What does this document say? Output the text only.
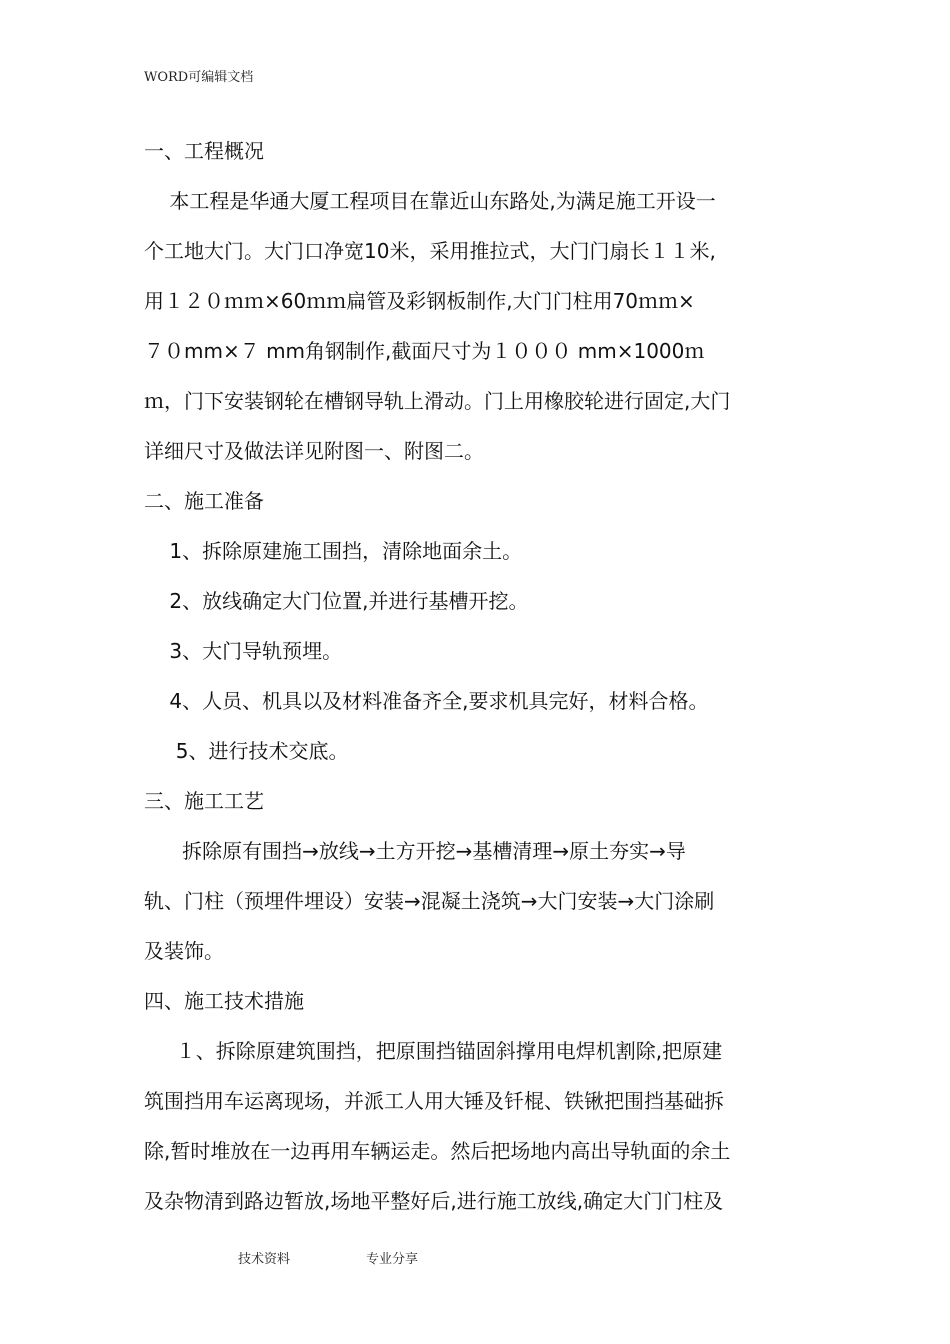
WORD可编辑文档
一、工程概况
本工程是华通大厦工程项目在靠近山东路处,为满足施工开设一
个工地大门。大门口净宽10米，采用推拉式，大门门扇长１１米,
用１２０ｍｍ×60ｍｍ扁管及彩钢板制作,大门门柱用70ｍｍ×
７０mm×７ mm角钢制作,截面尺寸为１０００ mm×1000ｍ
ｍ，门下安装钢轮在槽钢导轨上滑动。门上用橡胶轮进行固定,大门
详细尺寸及做法详见附图一、附图二。
二、施工准备
1、拆除原建施工围挡，清除地面余土。
2、放线确定大门位置,并进行基槽开挖。
3、大门导轨预埋。
4、人员、机具以及材料准备齐全,要求机具完好，材料合格。
5、进行技术交底。
三、施工工艺
拆除原有围挡→放线→土方开挖→基槽清理→原土夯实→导
轨、门柱（预埋件埋设）安装→混凝土浇筑→大门安装→大门涂刷
及装饰。
四、施工技术措施
１、拆除原建筑围挡，把原围挡锚固斜撑用电焊机割除,把原建
筑围挡用车运离现场，并派工人用大锤及钎棍、铁锹把围挡基础拆
除,暂时堆放在一边再用车辆运走。然后把场地内高出导轨面的余土
及杂物清到路边暂放,场地平整好后,进行施工放线,确定大门门柱及
技术资料	专业分享
